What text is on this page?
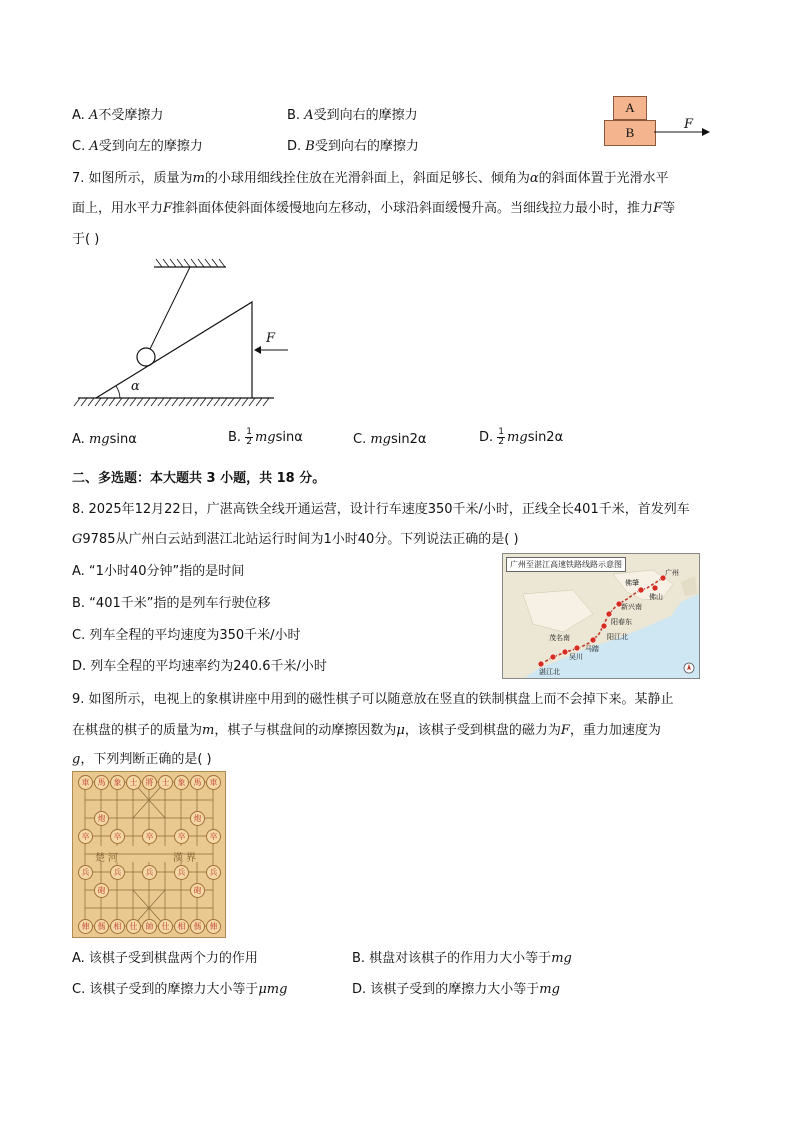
A. A不受摩擦力	B. A受到向右的摩擦力
C. A受到向左的摩擦力	D. B受到向右的摩擦力
A
B
F
7. 如图所示，质量为m的小球用细线拴住放在光滑斜面上，斜面足够长、倾角为α的斜面体置于光滑水平
面上，用水平力F推斜面体使斜面体缓慢地向左移动，小球沿斜面缓慢升高。当细线拉力最小时，推力F等
于( )
α
F
A. mgsinα	B. $\frac{1}{2}$ mgsinα	C. mgsin2α	D. $\frac{1}{2} mgsin2\alpha$
二、多选题：本大题共 3 小题，共 18 分。
8. 2025年12月22日，广湛高铁全线开通运营，设计行车速度350千米/小时，正线全长401千米，首发列车
G9785从广州白云站到湛江北站运行时间为1小时40分。下列说法正确的是( )
A. “1小时40分钟”指的是时间
B. “401千米”指的是列车行驶位移
C. 列车全程的平均速度为350千米/小时
D. 列车全程的平均速率约为240.6千米/小时
广州至湛江高速铁路线路示意图
广州
佛肇
佛山
新兴南
阳春东
阳江北
马踏
吴川
茂名南
湛江北
9. 如图所示，电视上的象棋讲座中用到的磁性棋子可以随意放在竖直的铁制棋盘上而不会掉下来。某静止
在棋盘的棋子的质量为m，棋子与棋盘间的动摩擦因数为μ，该棋子受到棋盘的磁力为F，重力加速度为
g，下列判断正确的是( )
楚 河	漢 界
車	馬	象	士	將	士	象	馬	車
炮	炮
卒	卒	卒	卒	卒
兵	兵	兵	兵	兵
砲	砲
俥	傌	相	仕	帥	仕	相	傌	俥
A. 该棋子受到棋盘两个力的作用	B. 棋盘对该棋子的作用力大小等于mg
C. 该棋子受到的摩擦力大小等于μmg	D. 该棋子受到的摩擦力大小等于mg
